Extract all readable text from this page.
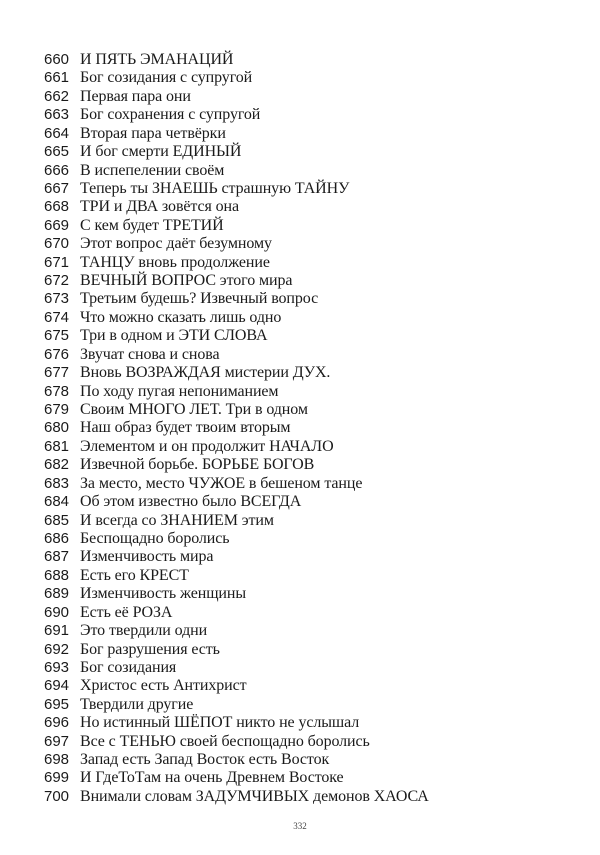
660 И ПЯТЬ ЭМАНАЦИЙ
661 Бог созидания с супругой
662 Первая пара они
663 Бог сохранения с супругой
664 Вторая пара четвёрки
665 И бог смерти ЕДИНЫЙ
666 В испепелении своём
667 Теперь ты ЗНАЕШЬ страшную ТАЙНУ
668 ТРИ и ДВА зовётся она
669 С кем будет ТРЕТИЙ
670 Этот вопрос даёт безумному
671 ТАНЦУ вновь продолжение
672 ВЕЧНЫЙ ВОПРОС этого мира
673 Третьим будешь? Извечный вопрос
674 Что можно сказать лишь одно
675 Три в одном и ЭТИ СЛОВА
676 Звучат снова и снова
677 Вновь ВОЗРАЖДАЯ мистерии ДУХ.
678 По ходу пугая непониманием
679 Своим МНОГО ЛЕТ. Три в одном
680 Наш образ будет твоим вторым
681 Элементом и он продолжит НАЧАЛО
682 Извечной борьбе. БОРЬБЕ БОГОВ
683 За место, место ЧУЖОЕ в бешеном танце
684 Об этом известно было ВСЕГДА
685 И всегда со ЗНАНИЕМ этим
686 Беспощадно боролись
687 Изменчивость мира
688 Есть его КРЕСТ
689 Изменчивость женщины
690 Есть её РОЗА
691 Это твердили одни
692 Бог разрушения есть
693 Бог созидания
694 Христос есть Антихрист
695 Твердили другие
696 Но истинный ШЁПОТ никто не услышал
697 Все с ТЕНЬЮ своей беспощадно боролись
698 Запад есть Запад Восток есть Восток
699 И ГдеТоТам на очень Древнем Востоке
700 Внимали словам ЗАДУМЧИВЫХ демонов ХАОСА
332
